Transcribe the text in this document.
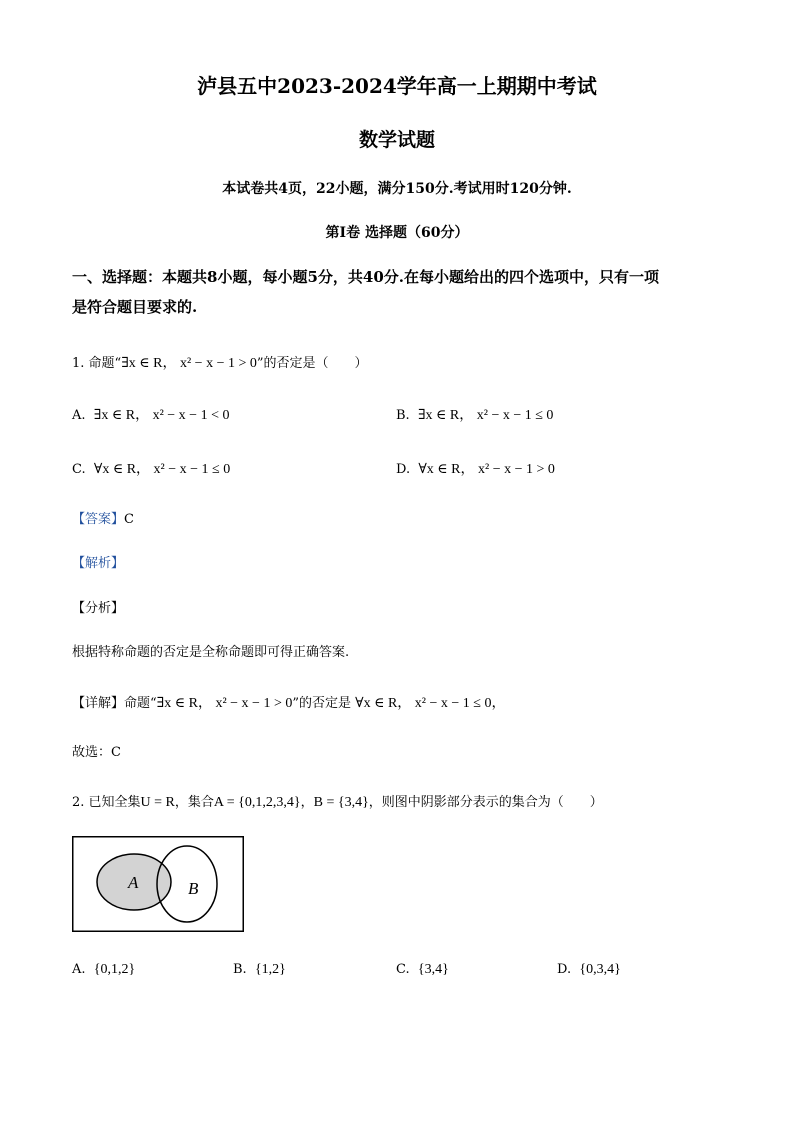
泸县五中2023-2024学年高一上期期中考试
数学试题
本试卷共4页，22小题，满分150分.考试用时120分钟.
第I卷 选择题（60分）
一、选择题：本题共8小题，每小题5分，共40分.在每小题给出的四个选项中，只有一项
是符合题目要求的.
1. 命题“∃x ∈ R， x² − x − 1 > 0”的否定是（　　）
A. ∃x ∈ R， x² − x − 1 < 0	B. ∃x ∈ R， x² − x − 1 ≤ 0
C. ∀x ∈ R， x² − x − 1 ≤ 0	D. ∀x ∈ R， x² − x − 1 > 0
【答案】C
【解析】
【分析】
根据特称命题的否定是全称命题即可得正确答案.
【详解】命题“∃x ∈ R， x² − x − 1 > 0”的否定是 ∀x ∈ R， x² − x − 1 ≤ 0，
故选：C
2. 已知全集U = R，集合A = {0,1,2,3,4}，B = {3,4}，则图中阴影部分表示的集合为（　　）
A	B
A. {0,1,2}	B. {1,2}	C. {3,4}	D. {0,3,4}
